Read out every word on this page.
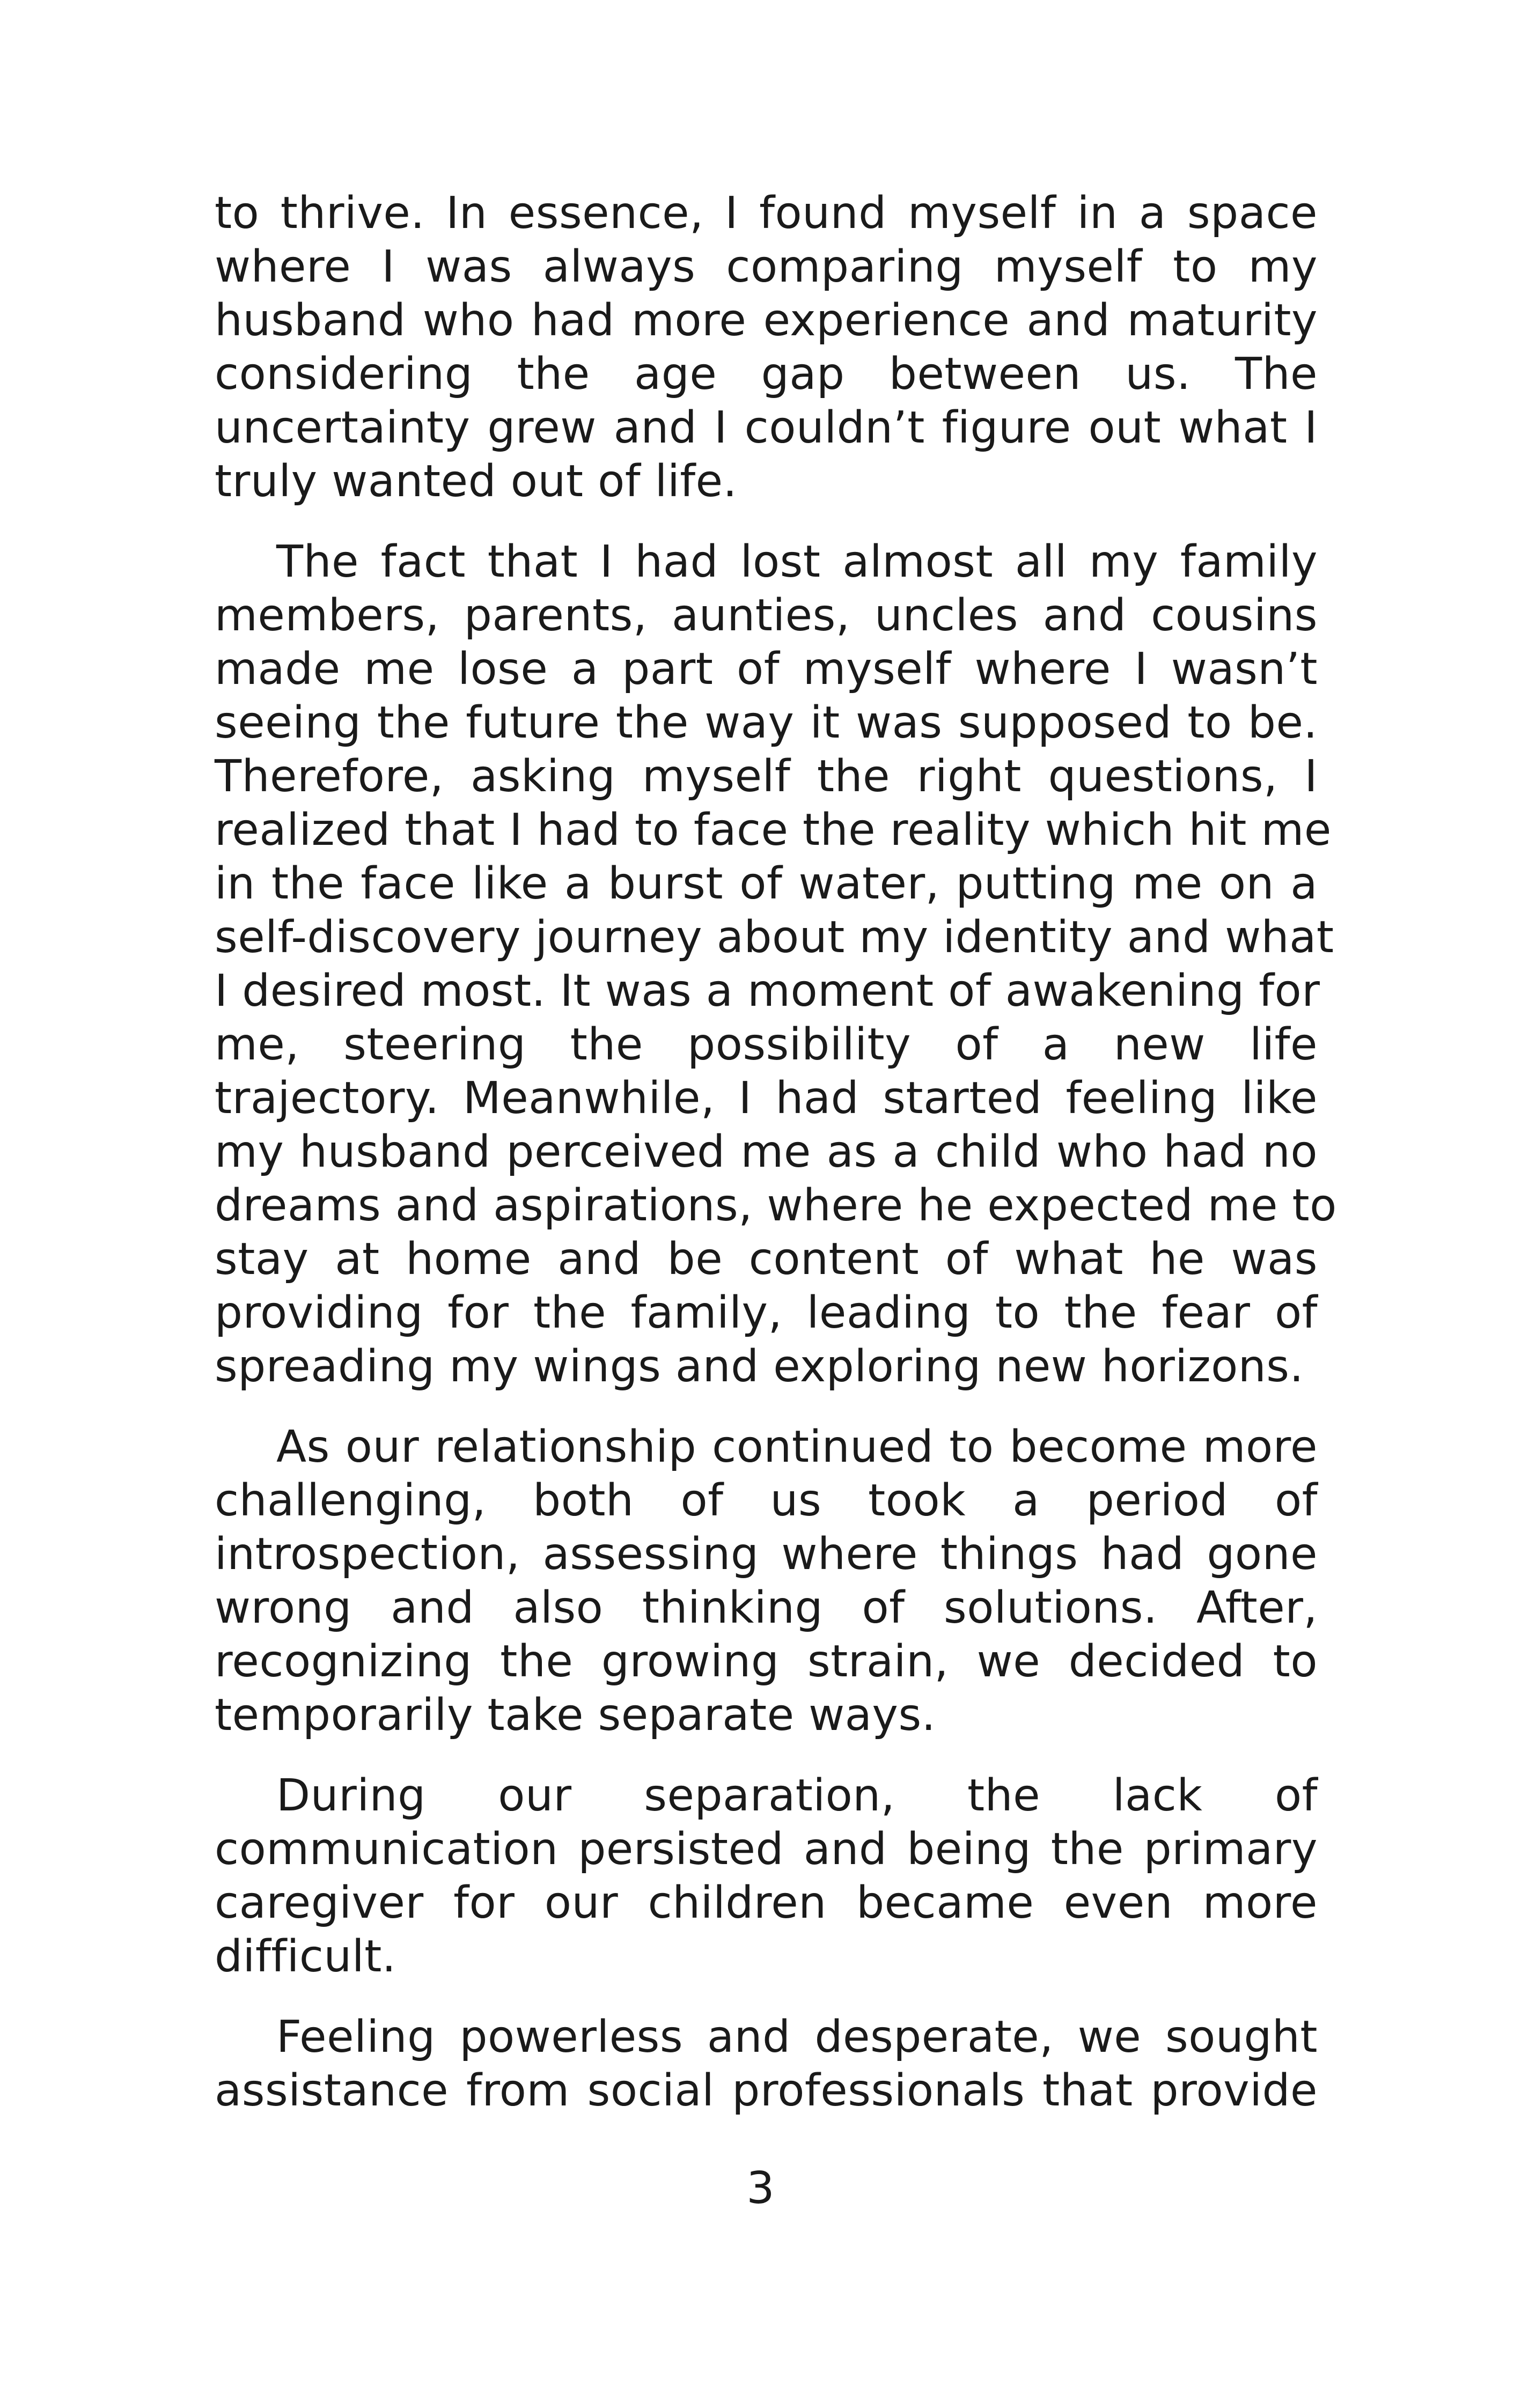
to thrive. In essence, I found myself in a space
where I was always comparing myself to my
husband who had more experience and maturity
considering the age gap between us. The
uncertainty grew and I couldn’t figure out what I
truly wanted out of life.

The fact that I had lost almost all my family
members, parents, aunties, uncles and cousins
made me lose a part of myself where I wasn’t
seeing the future the way it was supposed to be.
Therefore, asking myself the right questions, I
realized that I had to face the reality which hit me
in the face like a burst of water, putting me on a
self-discovery journey about my identity and what
I desired most. It was a moment of awakening for
me, steering the possibility of a new life
trajectory. Meanwhile, I had started feeling like
my husband perceived me as a child who had no
dreams and aspirations, where he expected me to
stay at home and be content of what he was
providing for the family, leading to the fear of
spreading my wings and exploring new horizons.

As our relationship continued to become more
challenging, both of us took a period of
introspection, assessing where things had gone
wrong and also thinking of solutions. After,
recognizing the growing strain, we decided to
temporarily take separate ways.

During our separation, the lack of
communication persisted and being the primary
caregiver for our children became even more
difficult.

Feeling powerless and desperate, we sought
assistance from social professionals that provide

3
